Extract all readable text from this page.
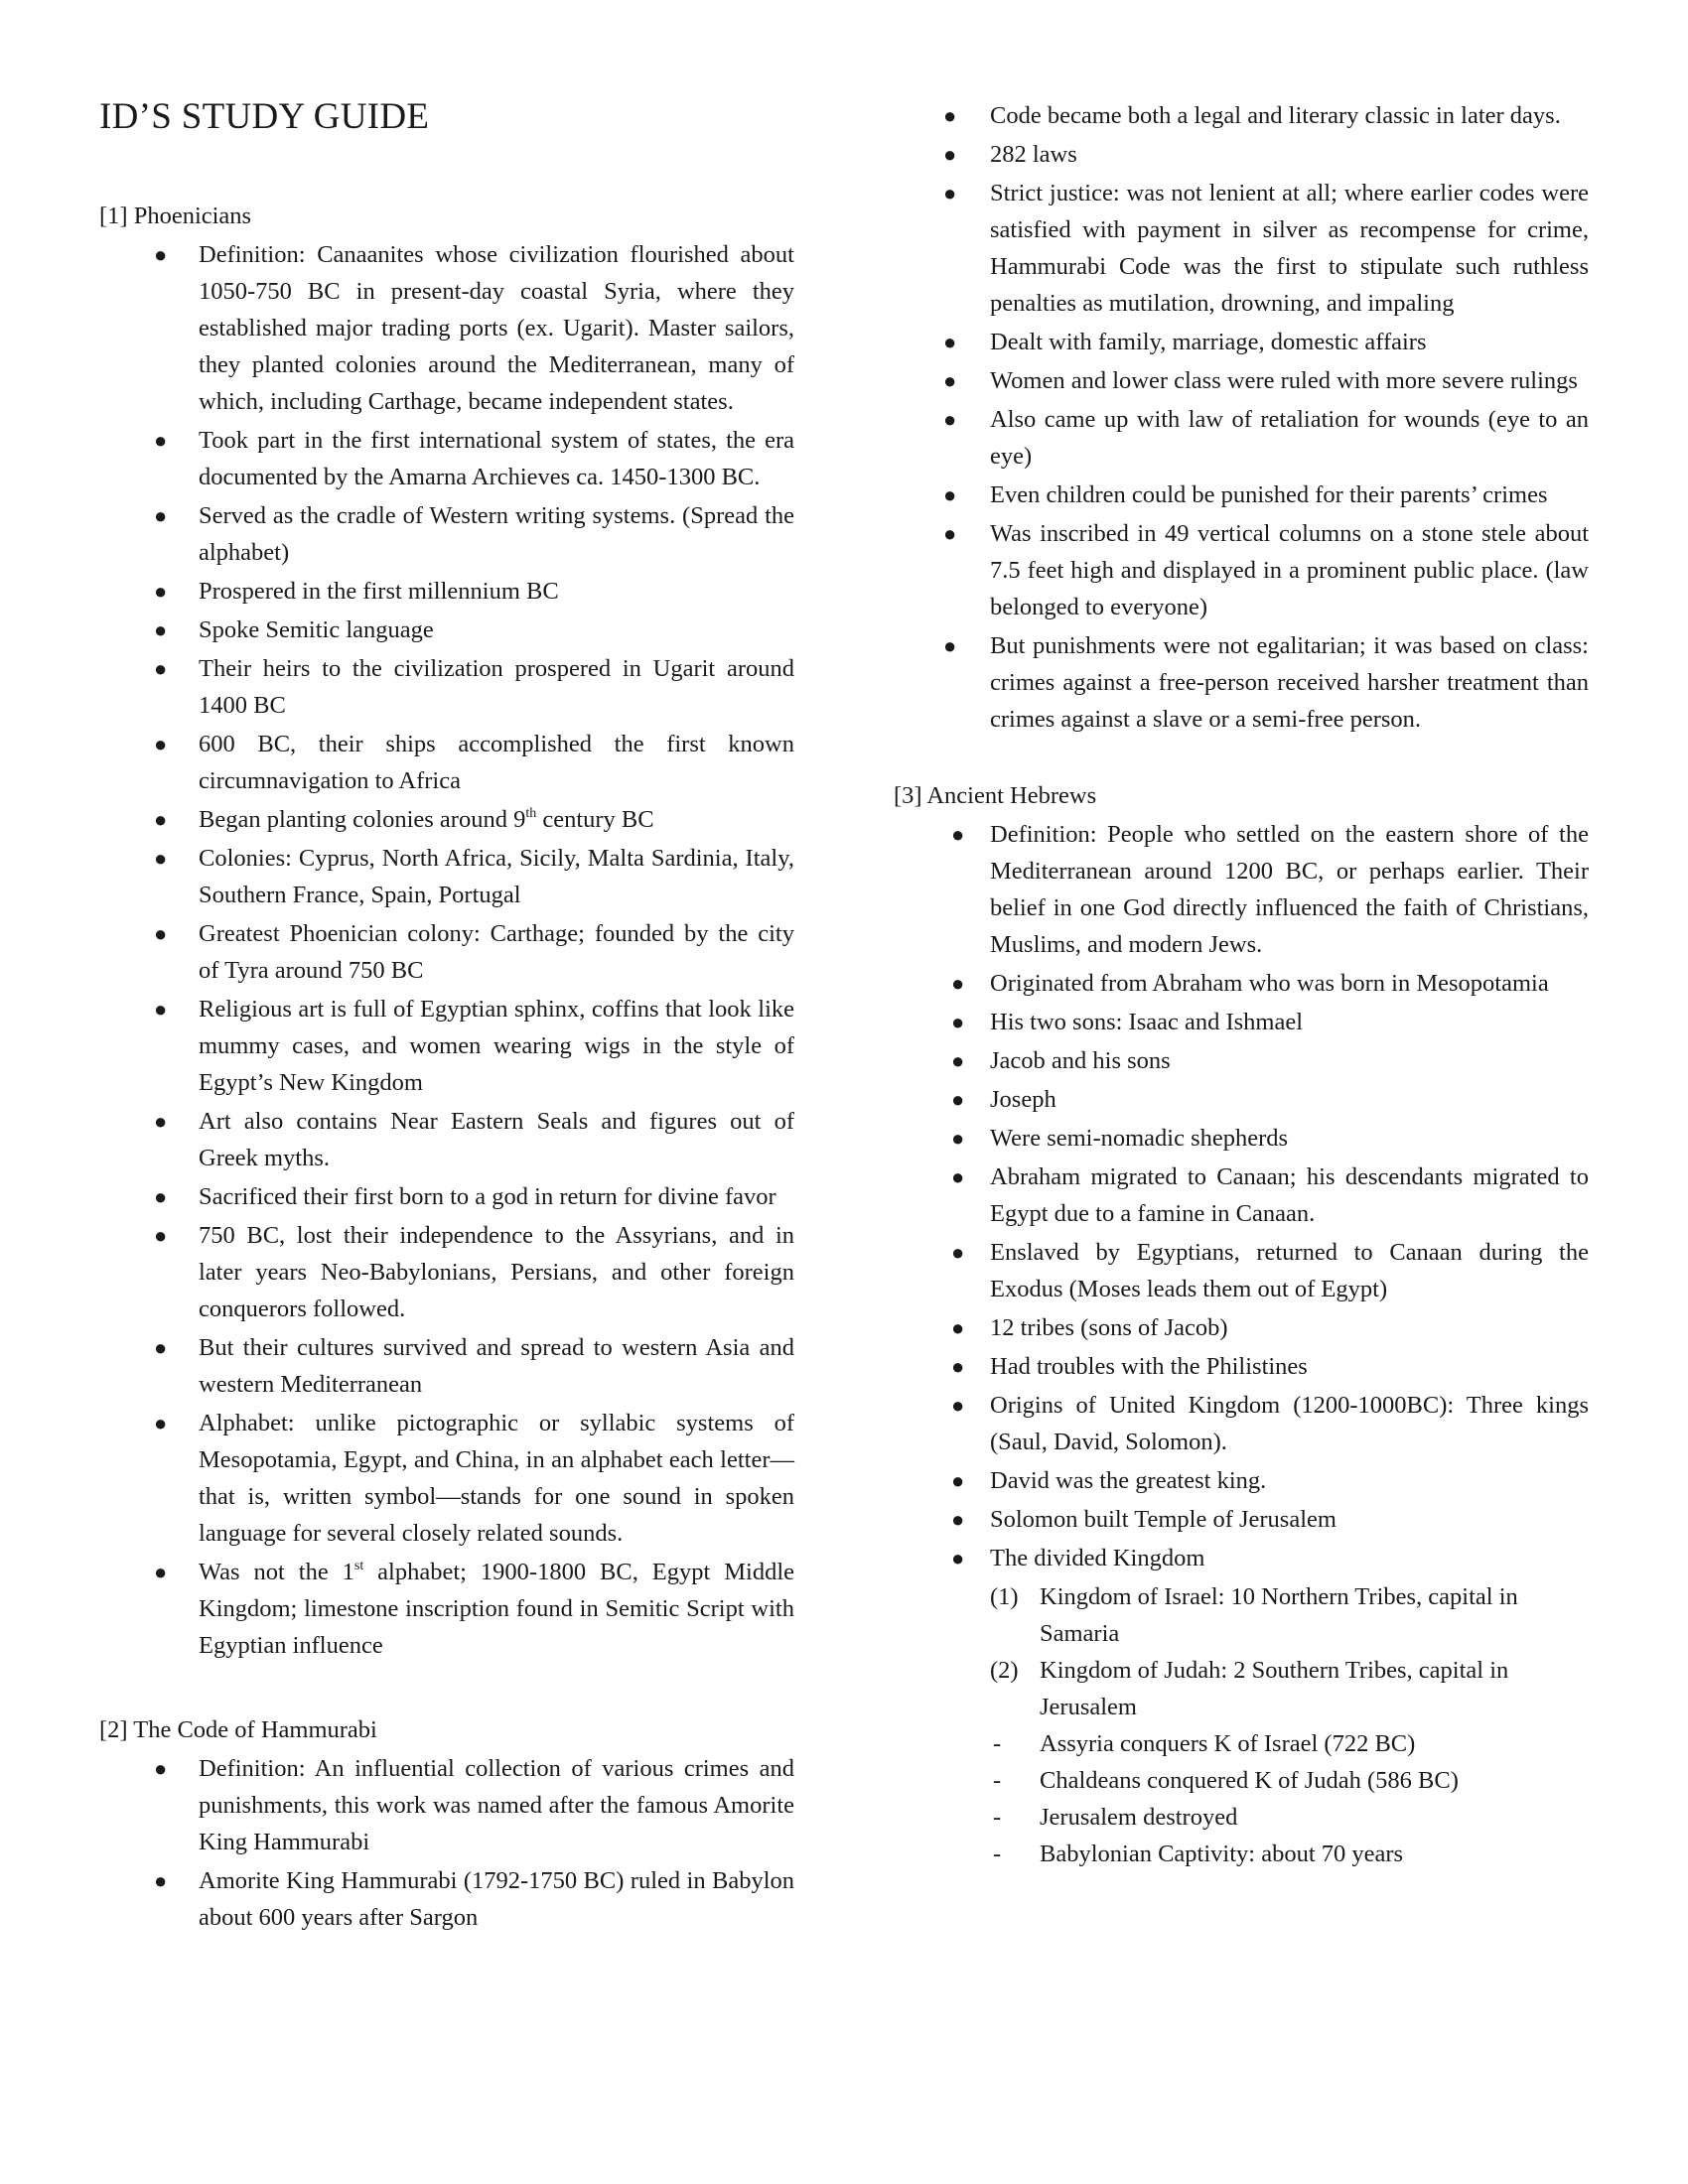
ID’S STUDY GUIDE

[1] Phoenicians

● Definition: Canaanites whose civilization flourished about 1050-750 BC in present-day coastal Syria, where they established major trading ports (ex. Ugarit). Master sailors, they planted colonies around the Mediterranean, many of which, including Carthage, became independent states.
● Took part in the first international system of states, the era documented by the Amarna Archieves ca. 1450-1300 BC.
● Served as the cradle of Western writing systems. (Spread the alphabet)
● Prospered in the first millennium BC
● Spoke Semitic language
● Their heirs to the civilization prospered in Ugarit around 1400 BC
● 600 BC, their ships accomplished the first known circumnavigation to Africa
● Began planting colonies around 9th century BC
● Colonies: Cyprus, North Africa, Sicily, Malta Sardinia, Italy, Southern France, Spain, Portugal
● Greatest Phoenician colony: Carthage; founded by the city of Tyra around 750 BC
● Religious art is full of Egyptian sphinx, coffins that look like mummy cases, and women wearing wigs in the style of Egypt’s New Kingdom
● Art also contains Near Eastern Seals and figures out of Greek myths.
● Sacrificed their first born to a god in return for divine favor
● 750 BC, lost their independence to the Assyrians, and in later years Neo-Babylonians, Persians, and other foreign conquerors followed.
● But their cultures survived and spread to western Asia and western Mediterranean
● Alphabet: unlike pictographic or syllabic systems of Mesopotamia, Egypt, and China, in an alphabet each letter—that is, written symbol—stands for one sound in spoken language for several closely related sounds.
● Was not the 1st alphabet; 1900-1800 BC, Egypt Middle Kingdom; limestone inscription found in Semitic Script with Egyptian influence

[2] The Code of Hammurabi

● Definition: An influential collection of various crimes and punishments, this work was named after the famous Amorite King Hammurabi
● Amorite King Hammurabi (1792-1750 BC) ruled in Babylon about 600 years after Sargon
● Code became both a legal and literary classic in later days.
● 282 laws
● Strict justice: was not lenient at all; where earlier codes were satisfied with payment in silver as recompense for crime, Hammurabi Code was the first to stipulate such ruthless penalties as mutilation, drowning, and impaling
● Dealt with family, marriage, domestic affairs
● Women and lower class were ruled with more severe rulings
● Also came up with law of retaliation for wounds (eye to an eye)
● Even children could be punished for their parents’ crimes
● Was inscribed in 49 vertical columns on a stone stele about 7.5 feet high and displayed in a prominent public place. (law belonged to everyone)
● But punishments were not egalitarian; it was based on class: crimes against a free-person received harsher treatment than crimes against a slave or a semi-free person.

[3] Ancient Hebrews

● Definition: People who settled on the eastern shore of the Mediterranean around 1200 BC, or perhaps earlier. Their belief in one God directly influenced the faith of Christians, Muslims, and modern Jews.
● Originated from Abraham who was born in Mesopotamia
● His two sons: Isaac and Ishmael
● Jacob and his sons
● Joseph
● Were semi-nomadic shepherds
● Abraham migrated to Canaan; his descendants migrated to Egypt due to a famine in Canaan.
● Enslaved by Egyptians, returned to Canaan during the Exodus (Moses leads them out of Egypt)
● 12 tribes (sons of Jacob)
● Had troubles with the Philistines
● Origins of United Kingdom (1200-1000BC): Three kings (Saul, David, Solomon).
● David was the greatest king.
● Solomon built Temple of Jerusalem
● The divided Kingdom
(1) Kingdom of Israel: 10 Northern Tribes, capital in Samaria
(2) Kingdom of Judah: 2 Southern Tribes, capital in Jerusalem
- Assyria conquers K of Israel (722 BC)
- Chaldeans conquered K of Judah (586 BC)
- Jerusalem destroyed
- Babylonian Captivity: about 70 years
